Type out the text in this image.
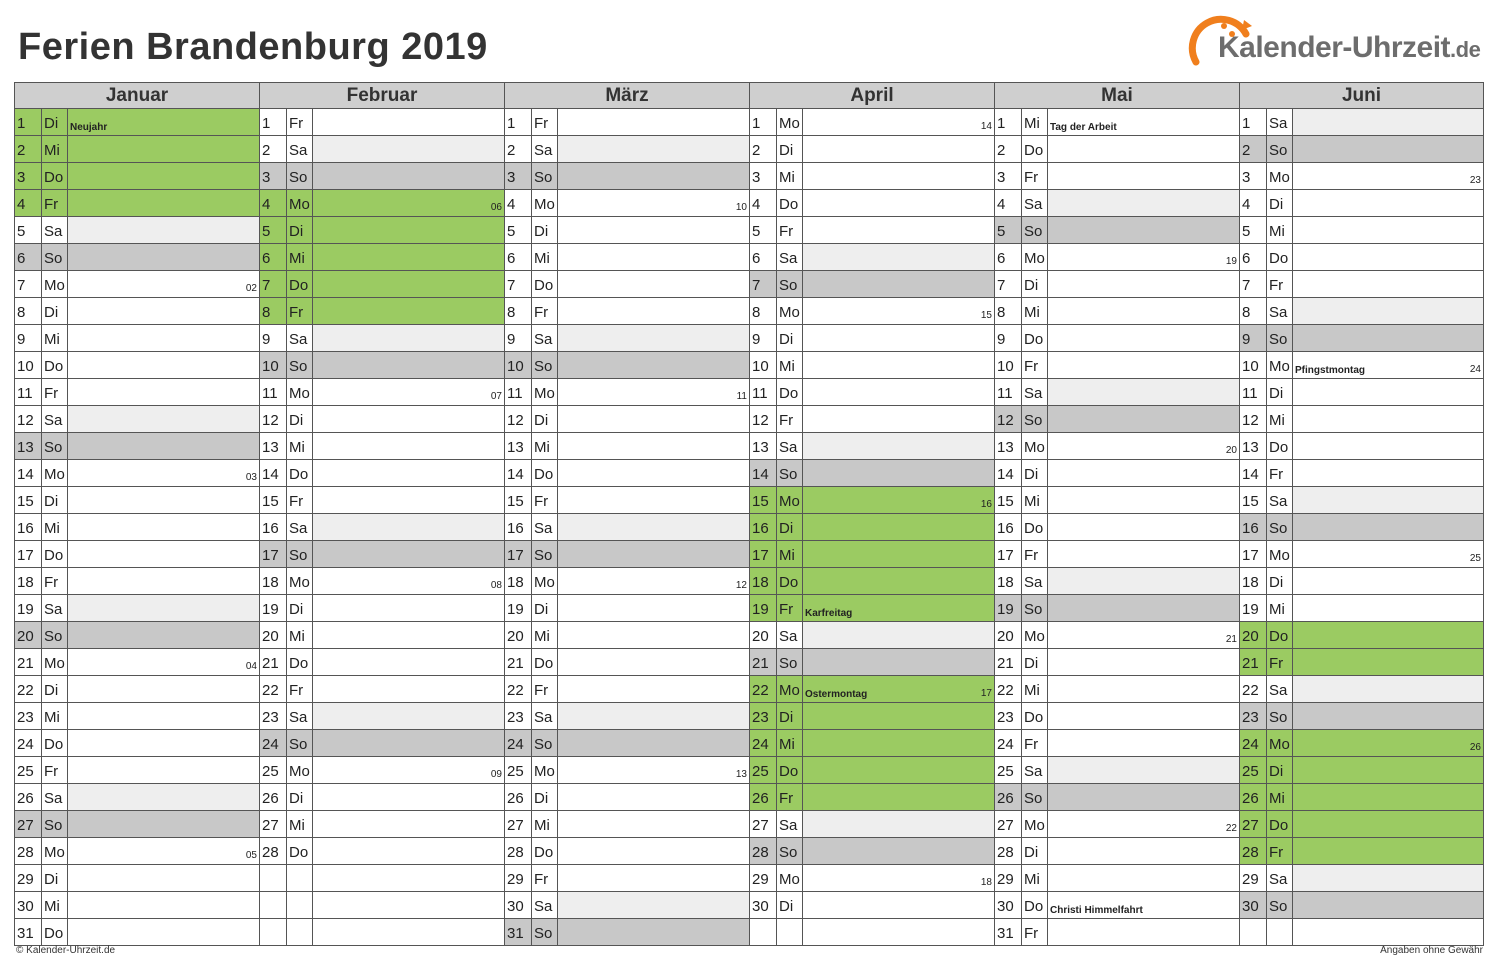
Ferien Brandenburg 2019	Kalender-Uhrzeit.de
Januar
1	Di	Neujahr
2	Mi
3	Do
4	Fr
5	Sa
6	So
7	Mo	02
8	Di
9	Mi
10 Do
11 Fr
12 Sa
13 So
14 Mo	03
15 Di
16 Mi
17 Do
18 Fr
19 Sa
20 So
21 Mo	04
22 Di
23 Mi
24 Do
25 Fr
26 Sa
27 So
28 Mo	05
29 Di
30 Mi
31 Do
Februar
1	Fr
2	Sa
3	So
4	Mo	06
5	Di
6	Mi
7	Do
8	Fr
9	Sa
10 So
11 Mo	07
12 Di
13 Mi
14 Do
15 Fr
16 Sa
17 So
18 Mo	08
19 Di
20 Mi
21 Do
22 Fr
23 Sa
24 So
25 Mo	09
26 Di
27 Mi
28 Do
März
1	Fr
2	Sa
3	So
4	Mo	10
5	Di
6	Mi
7	Do
8	Fr
9	Sa
10 So
11 Mo	11
12 Di
13 Mi
14 Do
15 Fr
16 Sa
17 So
18 Mo	12
19 Di
20 Mi
21 Do
22 Fr
23 Sa
24 So
25 Mo	13
26 Di
27 Mi
28 Do
29 Fr
30 Sa
31 So
April
1	Mo	14
2	Di
3	Mi
4	Do
5	Fr
6	Sa
7	So
8	Mo	15
9	Di
10 Mi
11 Do
12 Fr
13 Sa
14 So
15 Mo	16
16 Di
17 Mi
18 Do
19 Fr	Karfreitag
20 Sa
21 So
22 Mo Ostermontag	17
23 Di
24 Mi
25 Do
26 Fr
27 Sa
28 So
29 Mo	18
30 Di
Mai
1	Mi	Tag der Arbeit
2	Do
3	Fr
4	Sa
5	So
6	Mo	19
7	Di
8	Mi
9	Do
10 Fr
11 Sa
12 So
13 Mo	20
14 Di
15 Mi
16 Do
17 Fr
18 Sa
19 So
20 Mo	21
21 Di
22 Mi
23 Do
24 Fr
25 Sa
26 So
27 Mo	22
28 Di
29 Mi
30 Do Christi Himmelfahrt
31 Fr
Juni
1	Sa
2	So
3	Mo	23
4	Di
5	Mi
6	Do
7	Fr
8	Sa
9	So
10 Mo Pfingstmontag	24
11 Di
12 Mi
13 Do
14 Fr
15 Sa
16 So
17 Mo	25
18 Di
19 Mi
20 Do
21 Fr
22 Sa
23 So
24 Mo	26
25 Di
26 Mi
27 Do
28 Fr
29 Sa
30 So
© Kalender-Uhrzeit.de	Angaben ohne Gewähr
